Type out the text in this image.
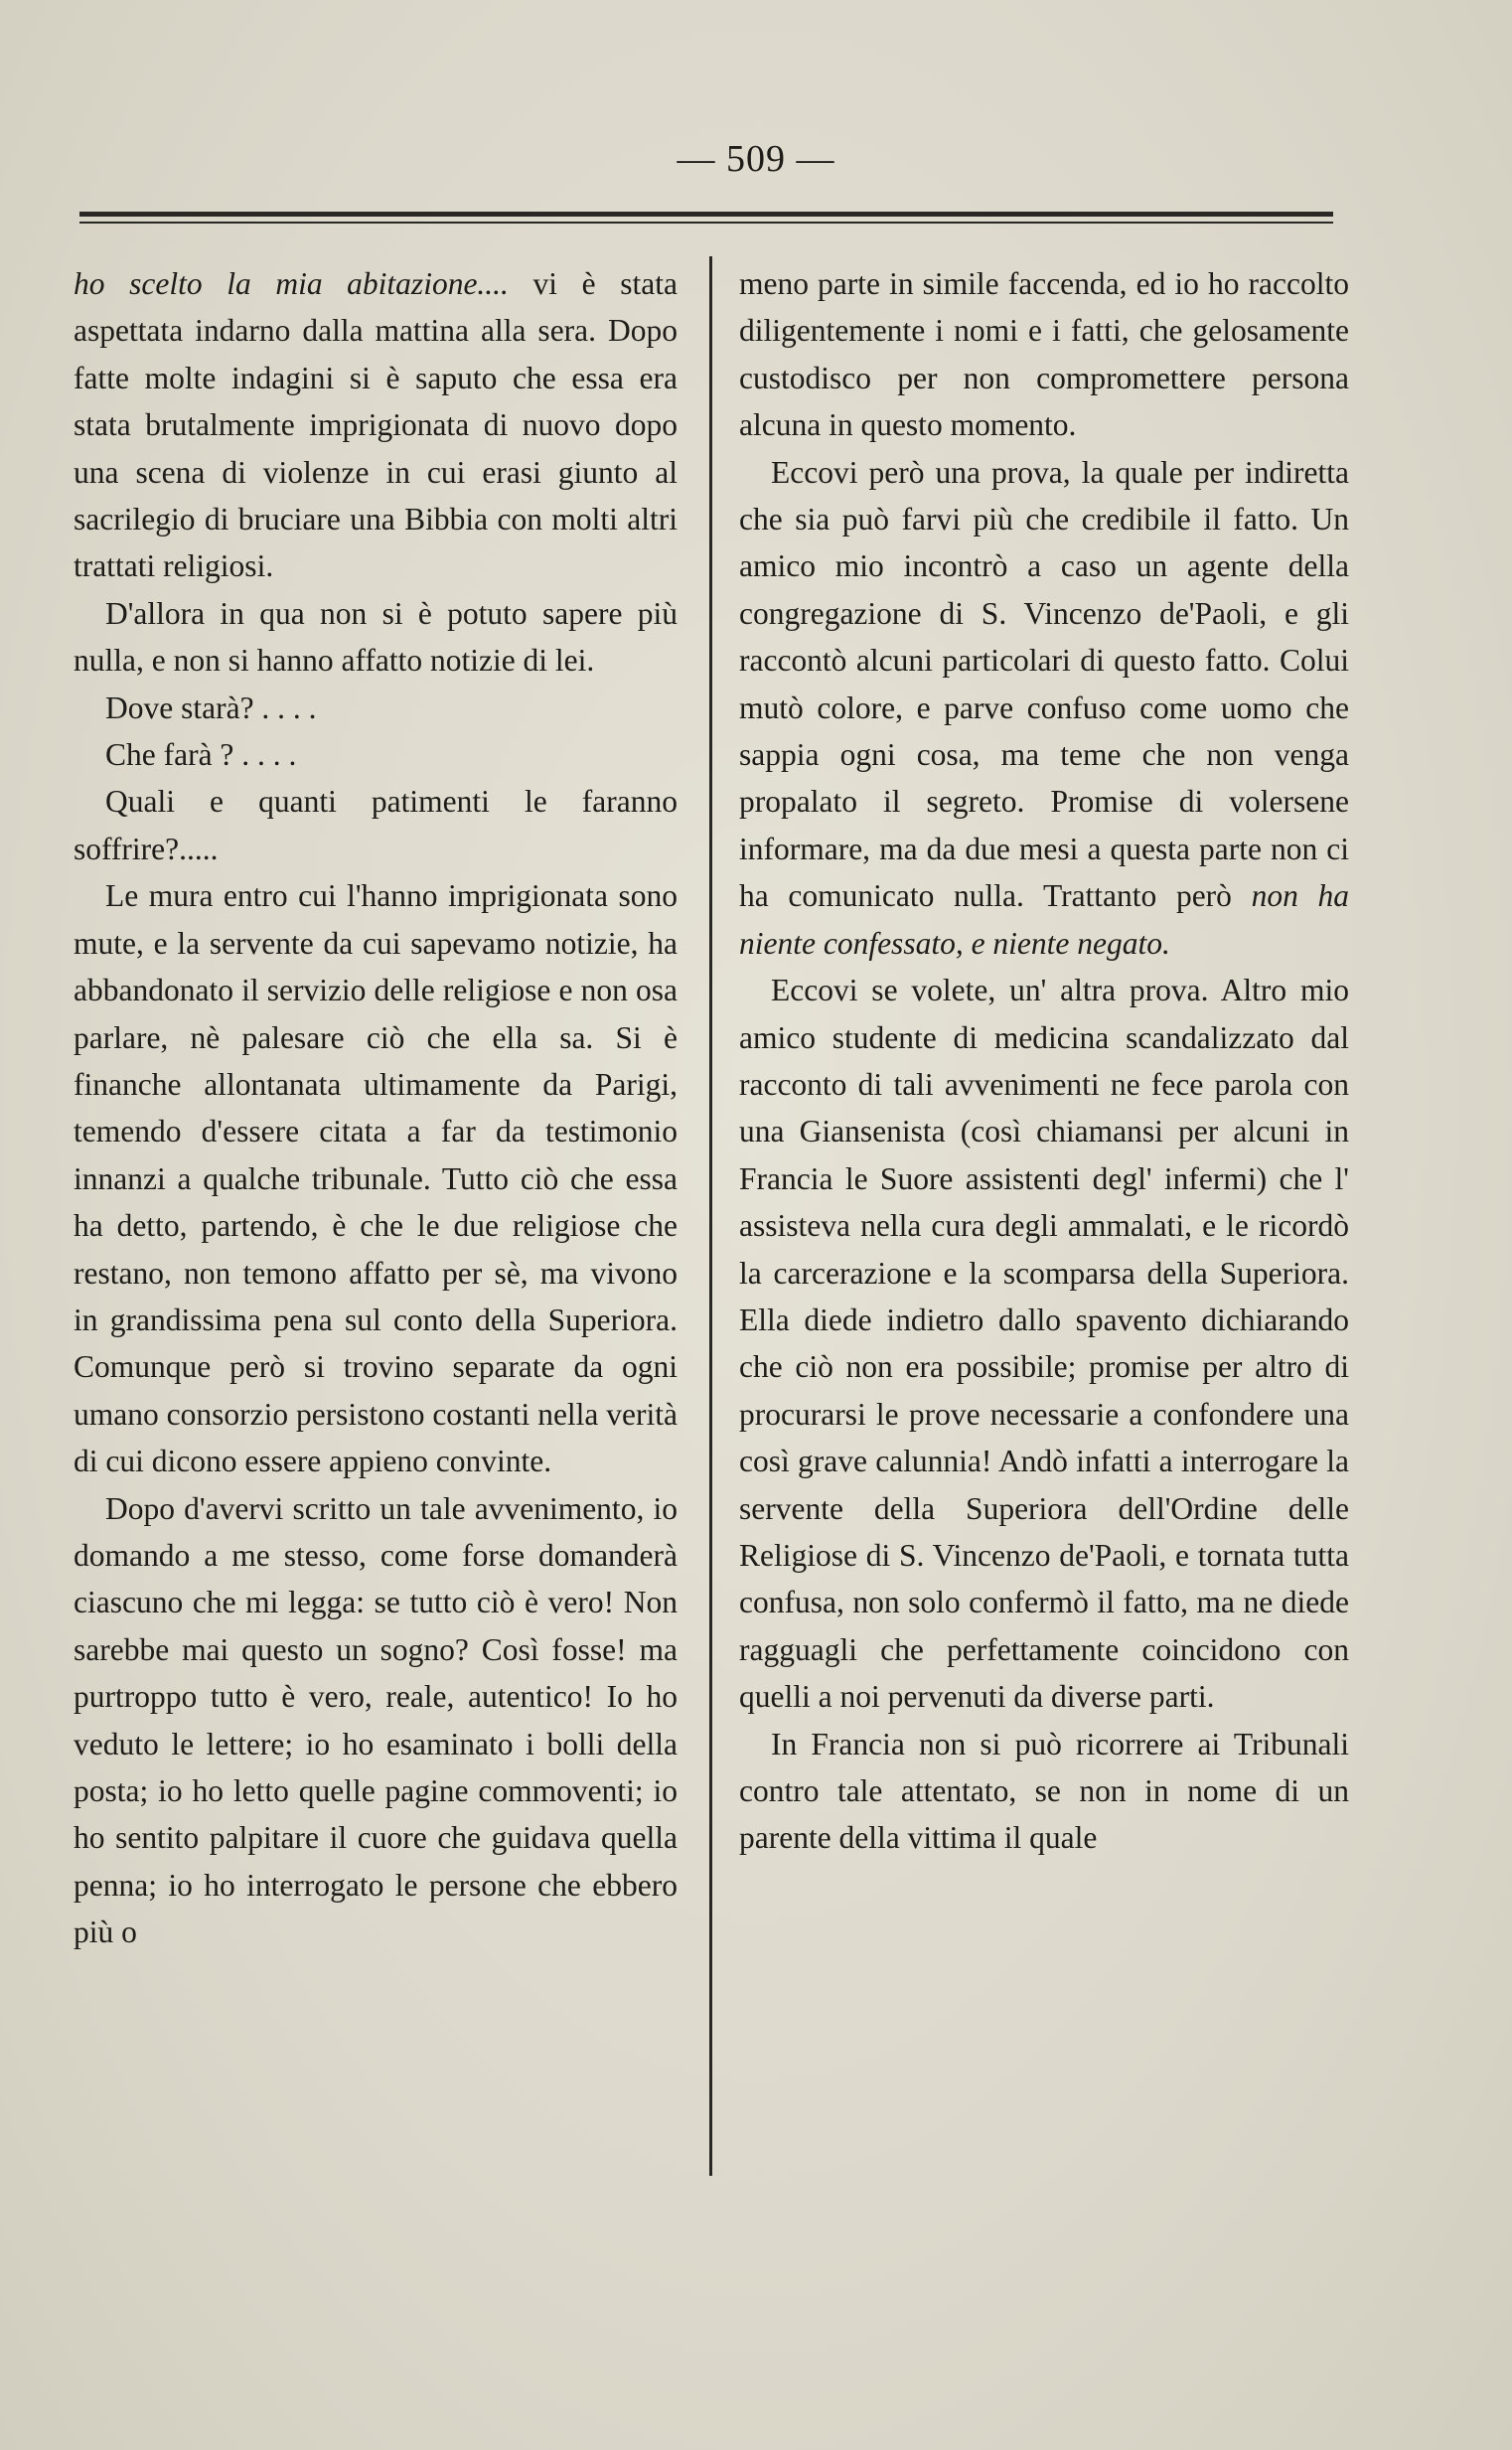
— 509 —

ho scelto la mia abitazione.... vi è stata aspettata indarno dalla mattina alla sera. Dopo fatte molte indagini si è saputo che essa era stata brutalmente imprigionata di nuovo dopo una scena di violenze in cui erasi giunto al sacrilegio di bruciare una Bibbia con molti altri trattati religiosi.

D'allora in qua non si è potuto sapere più nulla, e non si hanno affatto notizie di lei.

Dove starà? . . . .

Che farà ? . . . .

Quali e quanti patimenti le faranno soffrire?.....

Le mura entro cui l'hanno imprigionata sono mute, e la servente da cui sapevamo notizie, ha abbandonato il servizio delle religiose e non osa parlare, nè palesare ciò che ella sa. Si è finanche allontanata ultimamente da Parigi, temendo d'essere citata a far da testimonio innanzi a qualche tribunale. Tutto ciò che essa ha detto, partendo, è che le due religiose che restano, non temono affatto per sè, ma vivono in grandissima pena sul conto della Superiora. Comunque però si trovino separate da ogni umano consorzio persistono costanti nella verità di cui dicono essere appieno convinte.

Dopo d'avervi scritto un tale avvenimento, io domando a me stesso, come forse domanderà ciascuno che mi legga: se tutto ciò è vero! Non sarebbe mai questo un sogno? Così fosse! ma purtroppo tutto è vero, reale, autentico! Io ho veduto le lettere; io ho esaminato i bolli della posta; io ho letto quelle pagine commoventi; io ho sentito palpitare il cuore che guidava quella penna; io ho interrogato le persone che ebbero più o

meno parte in simile faccenda, ed io ho raccolto diligentemente i nomi e i fatti, che gelosamente custodisco per non compromettere persona alcuna in questo momento.

Eccovi però una prova, la quale per indiretta che sia può farvi più che credibile il fatto. Un amico mio incontrò a caso un agente della congregazione di S. Vincenzo de'Paoli, e gli raccontò alcuni particolari di questo fatto. Colui mutò colore, e parve confuso come uomo che sappia ogni cosa, ma teme che non venga propalato il segreto. Promise di volersene informare, ma da due mesi a questa parte non ci ha comunicato nulla. Trattanto però non ha niente confessato, e niente negato.

Eccovi se volete, un' altra prova. Altro mio amico studente di medicina scandalizzato dal racconto di tali avvenimenti ne fece parola con una Giansenista (così chiamansi per alcuni in Francia le Suore assistenti degl' infermi) che l' assisteva nella cura degli ammalati, e le ricordò la carcerazione e la scomparsa della Superiora. Ella diede indietro dallo spavento dichiarando che ciò non era possibile; promise per altro di procurarsi le prove necessarie a confondere una così grave calunnia! Andò infatti a interrogare la servente della Superiora dell'Ordine delle Religiose di S. Vincenzo de'Paoli, e tornata tutta confusa, non solo confermò il fatto, ma ne diede ragguagli che perfettamente coincidono con quelli a noi pervenuti da diverse parti.

In Francia non si può ricorrere ai Tribunali contro tale attentato, se non in nome di un parente della vittima il quale
